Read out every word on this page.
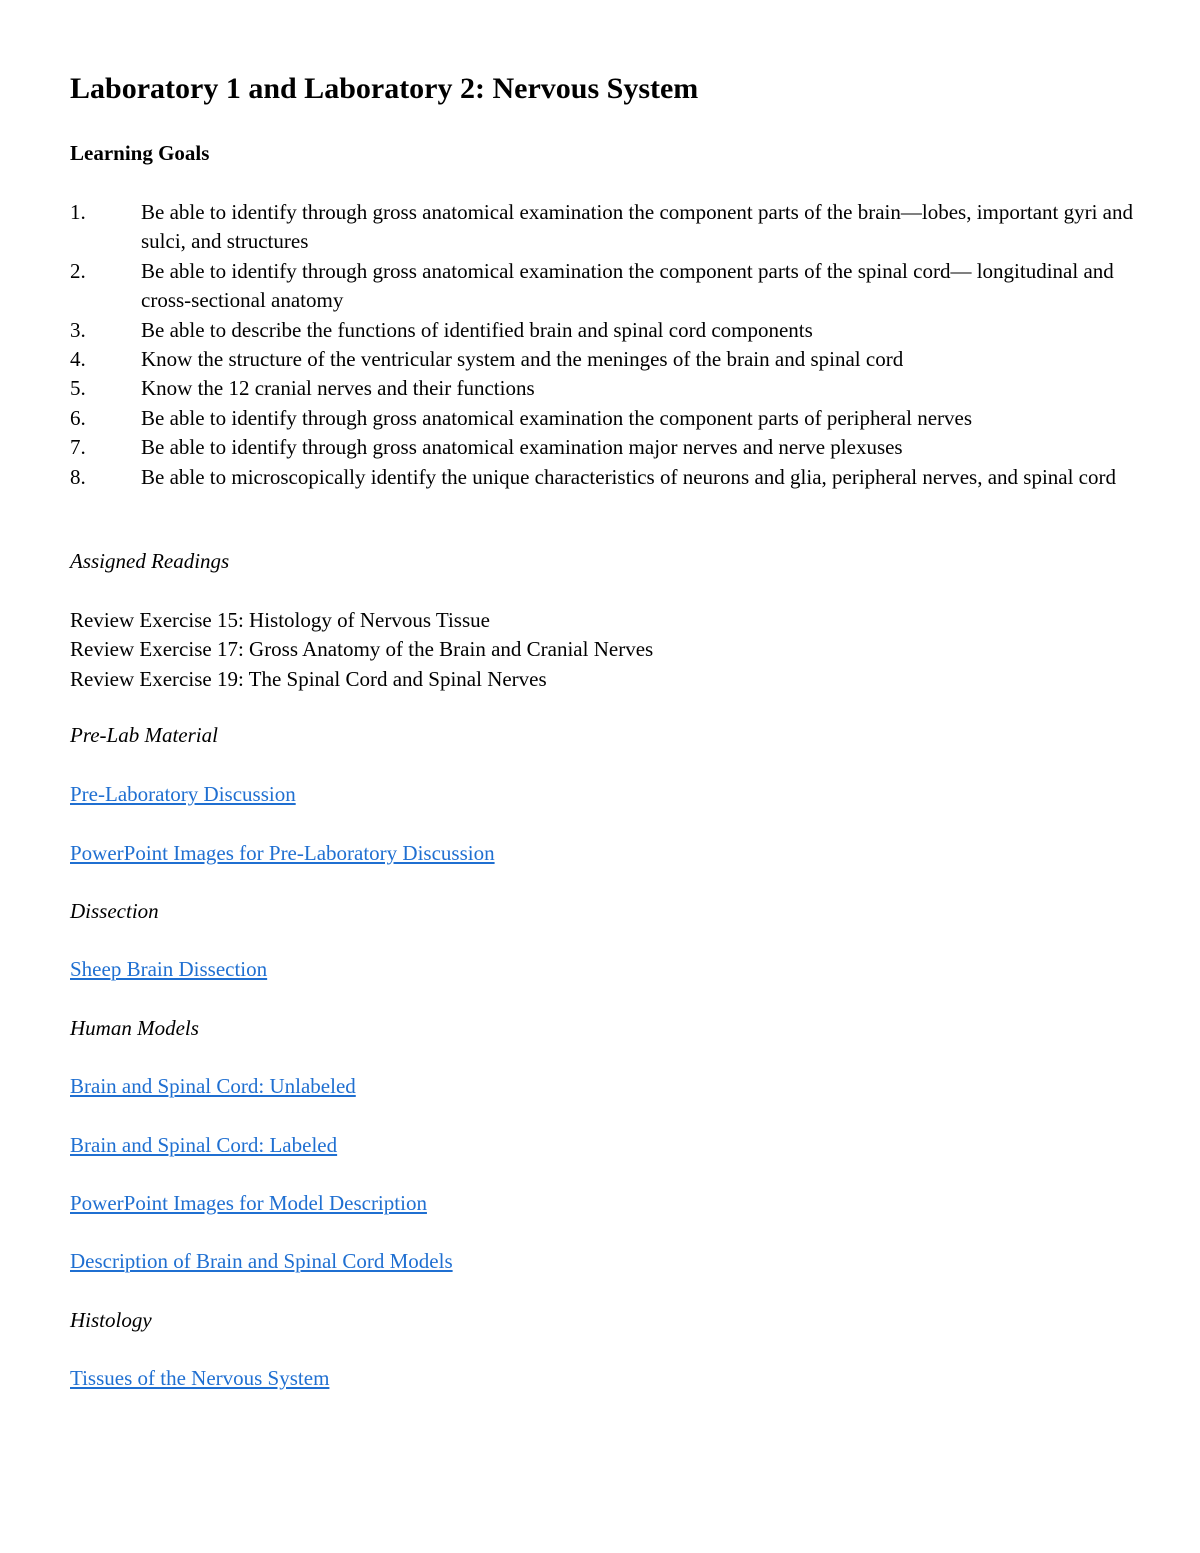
Laboratory 1 and Laboratory 2: Nervous System
Learning Goals
1.	Be able to identify through gross anatomical examination the component parts of the brain—lobes, important gyri and sulci, and structures
2.	Be able to identify through gross anatomical examination the component parts of the spinal cord— longitudinal and cross-sectional anatomy
3.	Be able to describe the functions of identified brain and spinal cord components
4.	Know the structure of the ventricular system and the meninges of the brain and spinal cord
5.	Know the 12 cranial nerves and their functions
6.	Be able to identify through gross anatomical examination the component parts of peripheral nerves
7.	Be able to identify through gross anatomical examination major nerves and nerve plexuses
8.	Be able to microscopically identify the unique characteristics of neurons and glia, peripheral nerves, and spinal cord
Assigned Readings
Review Exercise 15: Histology of Nervous Tissue
Review Exercise 17: Gross Anatomy of the Brain and Cranial Nerves
Review Exercise 19: The Spinal Cord and Spinal Nerves
Pre-Lab Material
Pre-Laboratory Discussion
PowerPoint Images for Pre-Laboratory Discussion
Dissection
Sheep Brain Dissection
Human Models
Brain and Spinal Cord: Unlabeled
Brain and Spinal Cord: Labeled
PowerPoint Images for Model Description
Description of Brain and Spinal Cord Models
Histology
Tissues of the Nervous System
